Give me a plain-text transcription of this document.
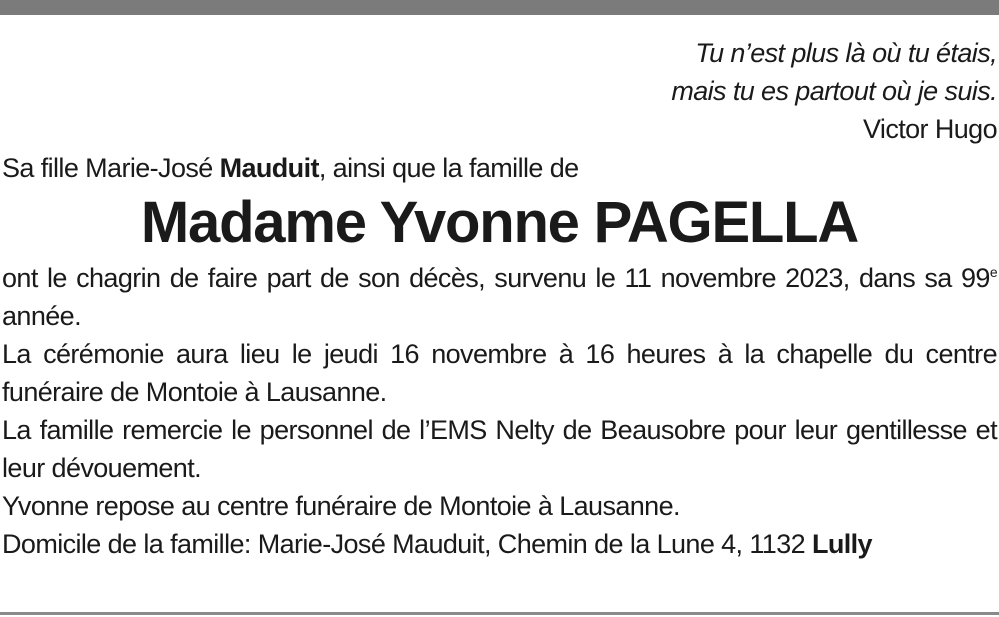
Tu n’est plus là où tu étais,
mais tu es partout où je suis.
Victor Hugo
Sa fille Marie-José Mauduit, ainsi que la famille de
Madame Yvonne PAGELLA
ont le chagrin de faire part de son décès, survenu le 11 novembre 2023, dans sa 99e année.
La cérémonie aura lieu le jeudi 16 novembre à 16 heures à la chapelle du centre funéraire de Montoie à Lausanne.
La famille remercie le personnel de l’EMS Nelty de Beausobre pour leur gentillesse et leur dévouement.
Yvonne repose au centre funéraire de Montoie à Lausanne.
Domicile de la famille: Marie-José Mauduit, Chemin de la Lune 4, 1132 Lully
